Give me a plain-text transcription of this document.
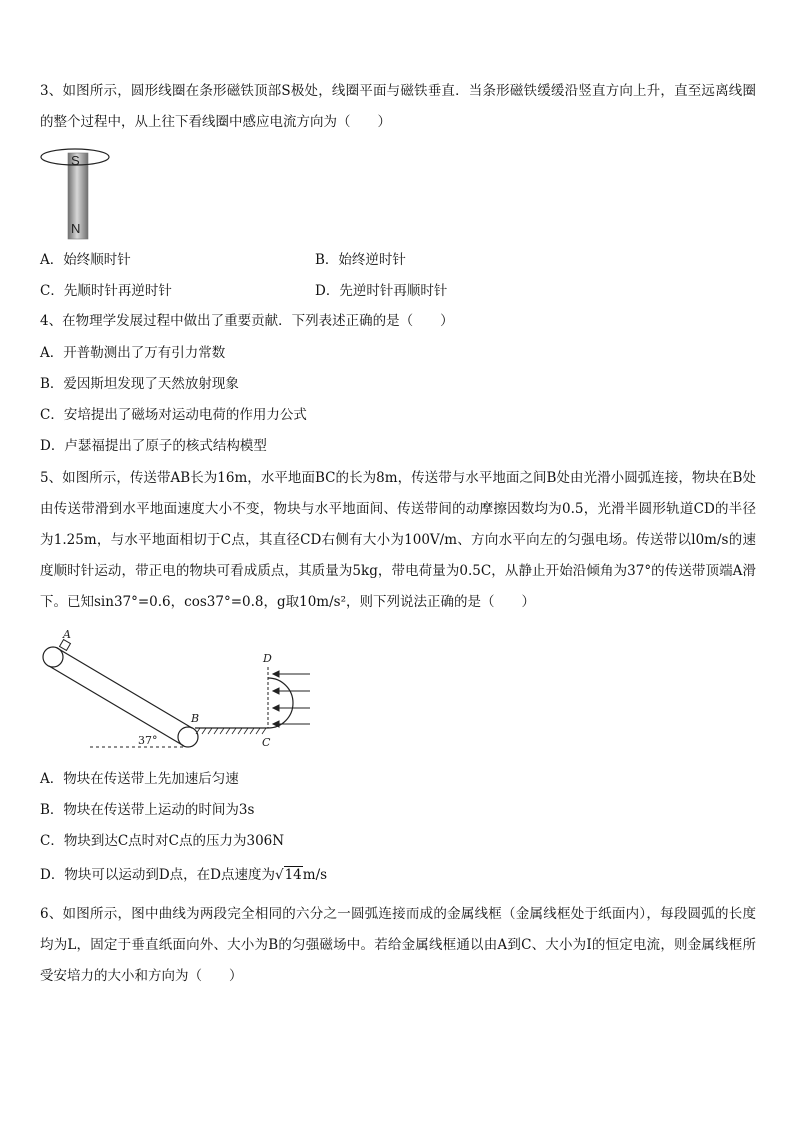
3、如图所示，圆形线圈在条形磁铁顶部S极处，线圈平面与磁铁垂直．当条形磁铁缓缓沿竖直方向上升，直至远离线圈的整个过程中，从上往下看线圈中感应电流方向为（　　）
S
N
A．始终顺时针	B．始终逆时针
C．先顺时针再逆时针	D．先逆时针再顺时针
4、在物理学发展过程中做出了重要贡献．下列表述正确的是（　　）
A．开普勒测出了万有引力常数
B．爱因斯坦发现了天然放射现象
C．安培提出了磁场对运动电荷的作用力公式
D．卢瑟福提出了原子的核式结构模型
5、如图所示，传送带AB长为16m，水平地面BC的长为8m，传送带与水平地面之间B处由光滑小圆弧连接，物块在B处由传送带滑到水平地面速度大小不变，物块与水平地面间、传送带间的动摩擦因数均为0.5，光滑半圆形轨道CD的半径为1.25m，与水平地面相切于C点，其直径CD右侧有大小为100V/m、方向水平向左的匀强电场。传送带以l0m/s的速度顺时针运动，带正电的物块可看成质点，其质量为5kg，带电荷量为0.5C，从静止开始沿倾角为37°的传送带顶端A滑下。已知sin37°=0.6，cos37°=0.8，g取10m/s²，则下列说法正确的是（　　）
A
37°
B
D
C
A．物块在传送带上先加速后匀速
B．物块在传送带上运动的时间为3s
C．物块到达C点时对C点的压力为306N
D．物块可以运动到D点，在D点速度为√14m/s
6、如图所示，图中曲线为两段完全相同的六分之一圆弧连接而成的金属线框（金属线框处于纸面内），每段圆弧的长度均为L，固定于垂直纸面向外、大小为B的匀强磁场中。若给金属线框通以由A到C、大小为I的恒定电流，则金属线框所受安培力的大小和方向为（　　）
